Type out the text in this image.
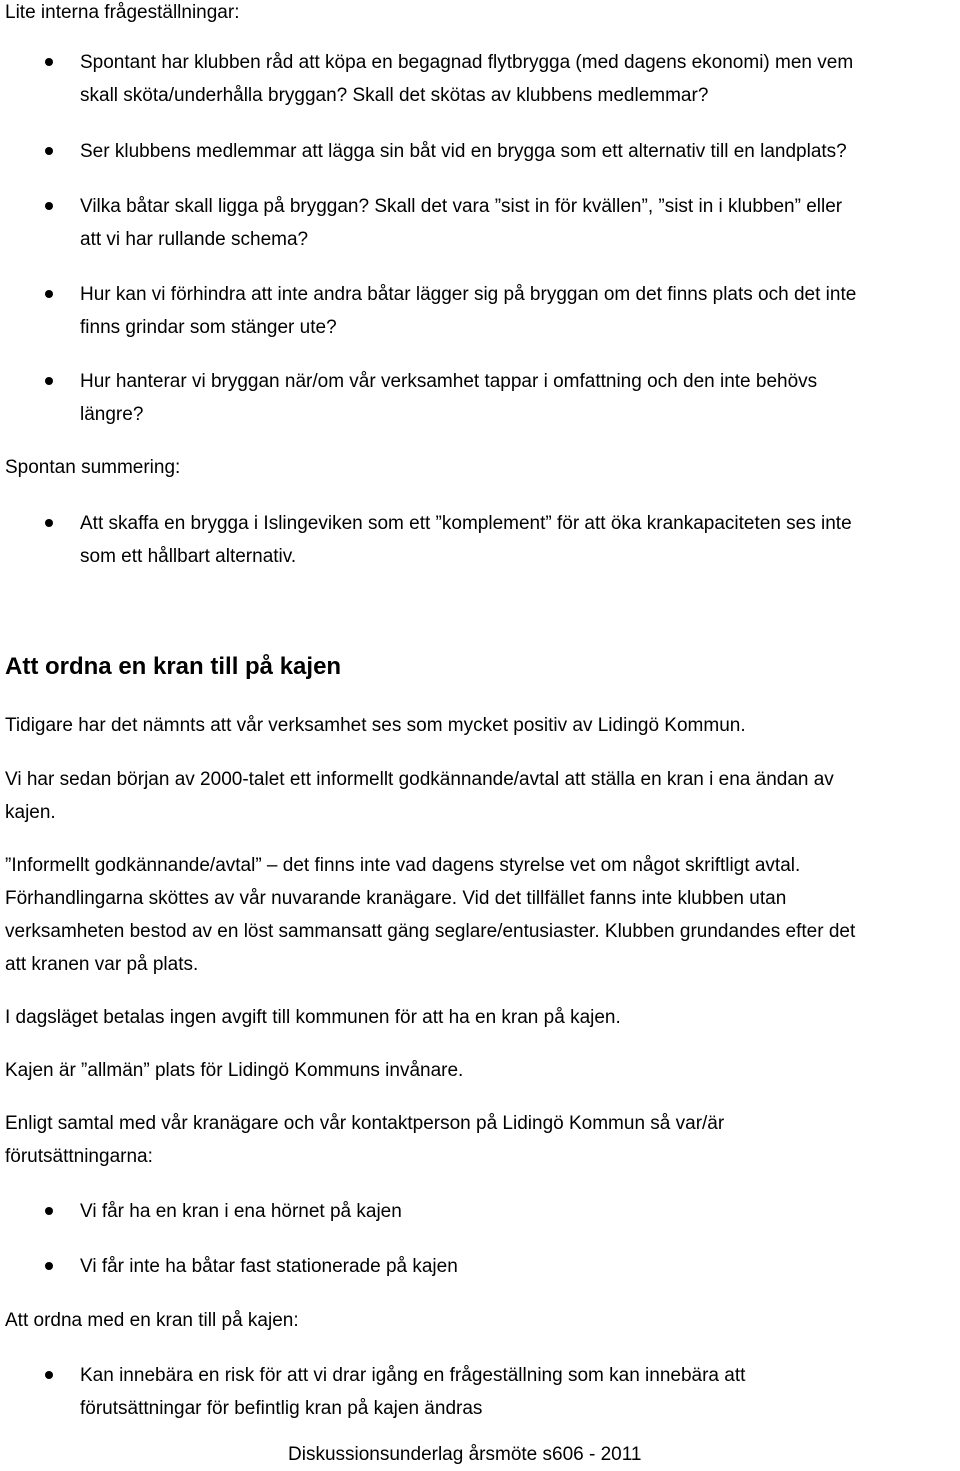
Lite interna frågeställningar:
Spontant har klubben råd att köpa en begagnad flytbrygga (med dagens ekonomi) men vem
skall sköta/underhålla bryggan? Skall det skötas av klubbens medlemmar?
Ser klubbens medlemmar att lägga sin båt vid en brygga som ett alternativ till en landplats?
Vilka båtar skall ligga på bryggan? Skall det vara ”sist in för kvällen”, ”sist in i klubben” eller
att vi har rullande schema?
Hur kan vi förhindra att inte andra båtar lägger sig på bryggan om det finns plats och det inte
finns grindar som stänger ute?
Hur hanterar vi bryggan när/om vår verksamhet tappar i omfattning och den inte behövs
längre?
Spontan summering:
Att skaffa en brygga i Islingeviken som ett ”komplement” för att öka krankapaciteten ses inte
som ett hållbart alternativ.
Att ordna en kran till på kajen
Tidigare har det nämnts att vår verksamhet ses som mycket positiv av Lidingö Kommun.
Vi har sedan början av 2000-talet ett informellt godkännande/avtal att ställa en kran i ena ändan av
kajen.
”Informellt godkännande/avtal” – det finns inte vad dagens styrelse vet om något skriftligt avtal.
Förhandlingarna sköttes av vår nuvarande kranägare. Vid det tillfället fanns inte klubben utan
verksamheten bestod av en löst sammansatt gäng seglare/entusiaster. Klubben grundandes efter det
att kranen var på plats.
I dagsläget betalas ingen avgift till kommunen för att ha en kran på kajen.
Kajen är ”allmän” plats för Lidingö Kommuns invånare.
Enligt samtal med vår kranägare och vår kontaktperson på Lidingö Kommun så var/är
förutsättningarna:
Vi får ha en kran i ena hörnet på kajen
Vi får inte ha båtar fast stationerade på kajen
Att ordna med en kran till på kajen:
Kan innebära en risk för att vi drar igång en frågeställning som kan innebära att
förutsättningar för befintlig kran på kajen ändras
Diskussionsunderlag årsmöte s606 - 2011
